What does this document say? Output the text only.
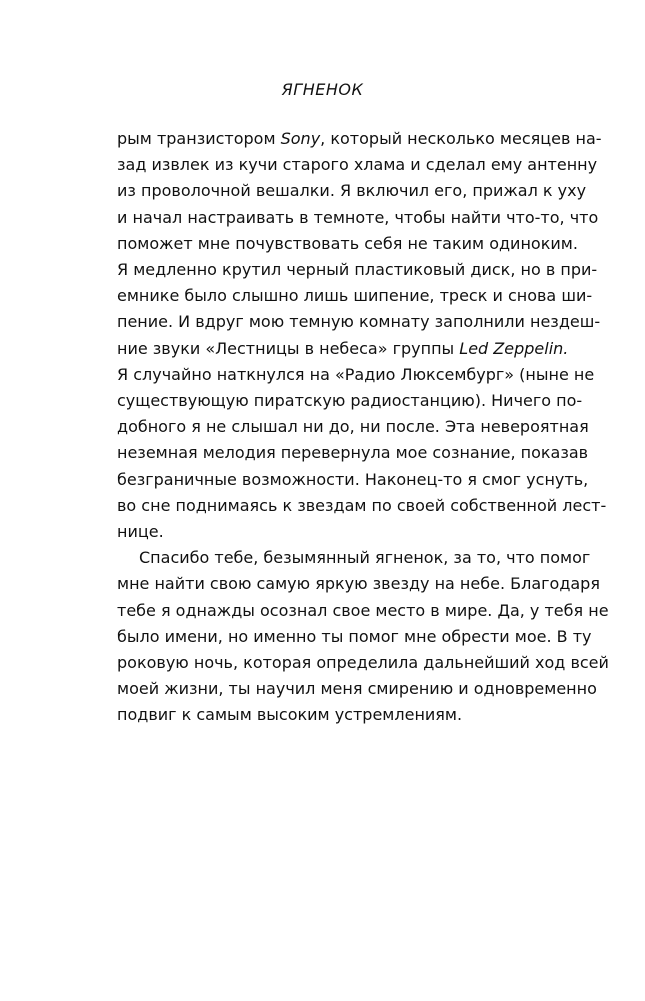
ЯГНЕНОК
рым транзистором Sony, который несколько месяцев на-
зад извлек из кучи старого хлама и сделал ему антенну
из проволочной вешалки. Я включил его, прижал к уху
и начал настраивать в темноте, чтобы найти что-то, что
поможет мне почувствовать себя не таким одиноким.
Я медленно крутил черный пластиковый диск, но в при-
емнике было слышно лишь шипение, треск и снова ши-
пение. И вдруг мою темную комнату заполнили нездеш-
ние звуки «Лестницы в небеса» группы Led Zeppelin.
Я случайно наткнулся на «Радио Люксембург» (ныне не
существующую пиратскую радиостанцию). Ничего по-
добного я не слышал ни до, ни после. Эта невероятная
неземная мелодия перевернула мое сознание, показав
безграничные возможности. Наконец-то я смог уснуть,
во сне поднимаясь к звездам по своей собственной лест-
нице.
Спасибо тебе, безымянный ягненок, за то, что помог
мне найти свою самую яркую звезду на небе. Благодаря
тебе я однажды осознал свое место в мире. Да, у тебя не
было имени, но именно ты помог мне обрести мое. В ту
роковую ночь, которая определила дальнейший ход всей
моей жизни, ты научил меня смирению и одновременно
подвиг к самым высоким устремлениям.
